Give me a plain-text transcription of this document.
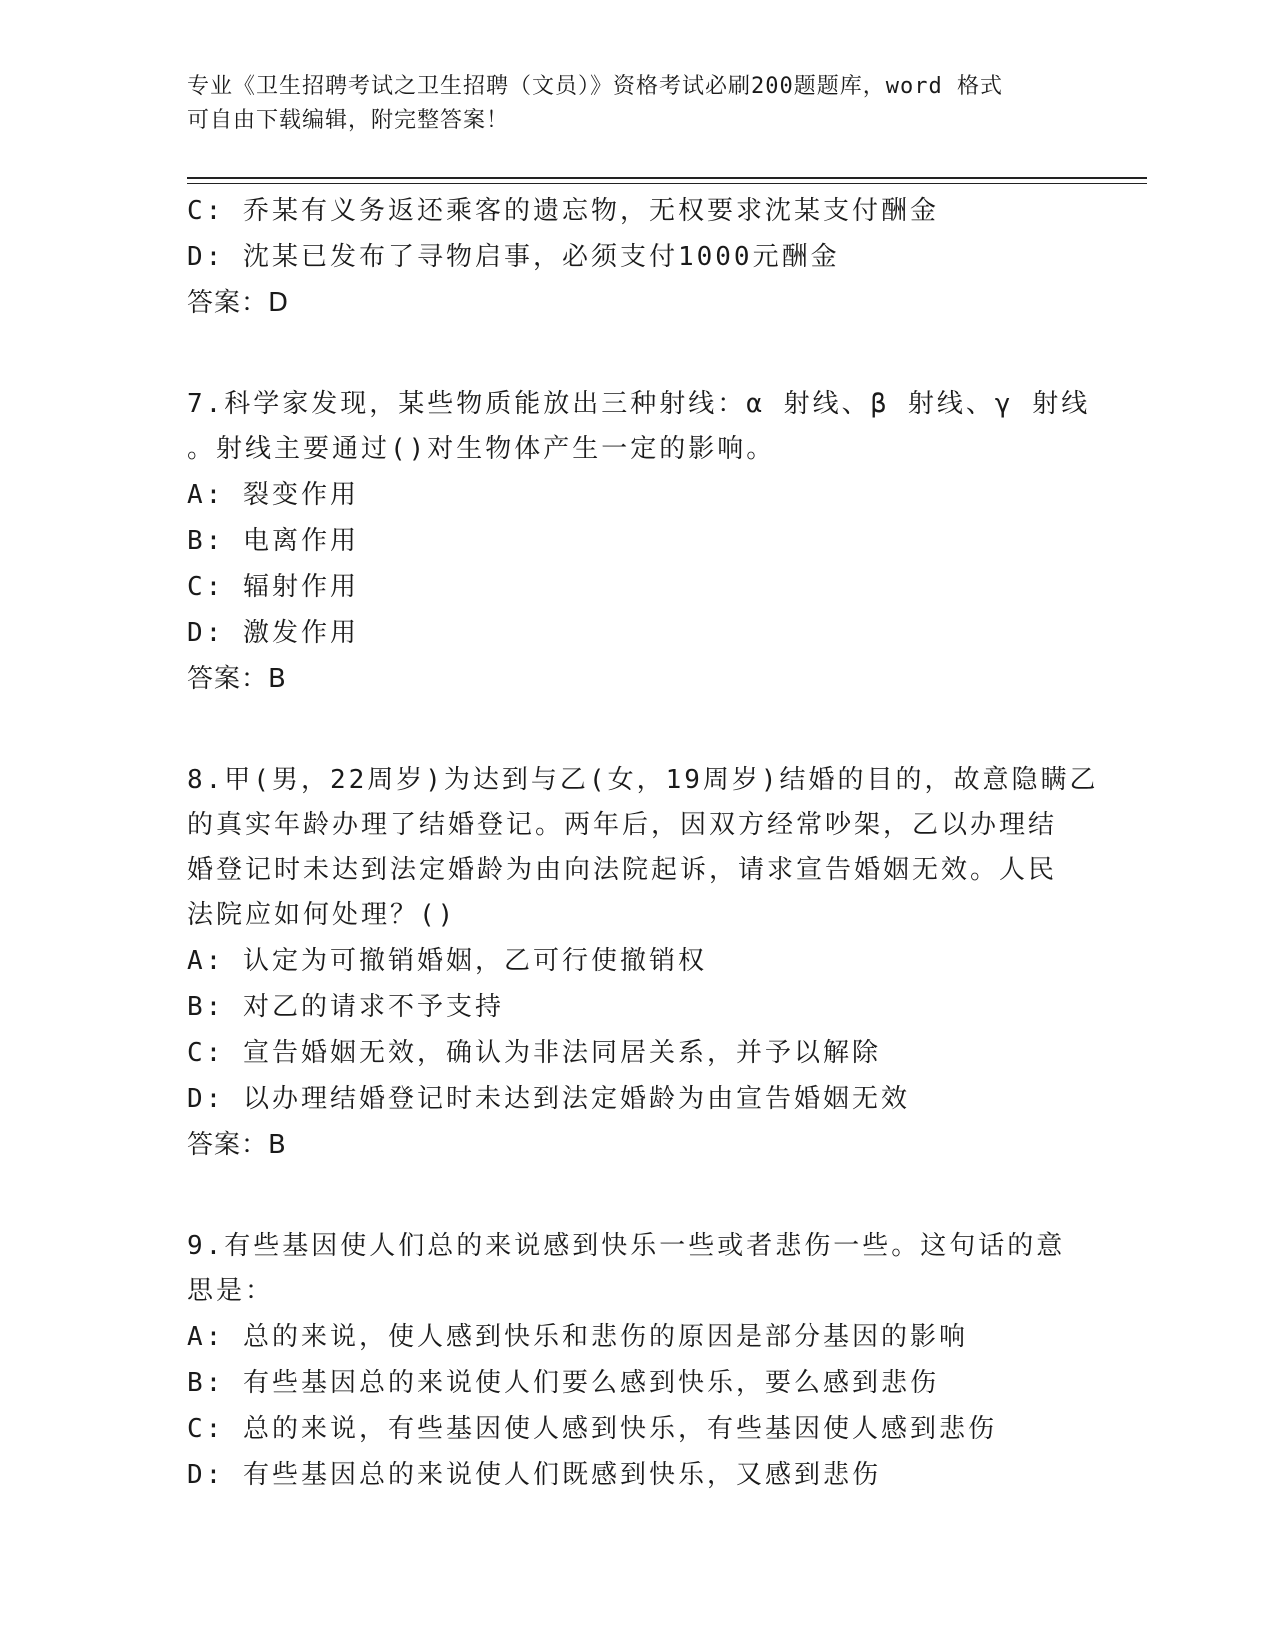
专业《卫生招聘考试之卫生招聘（文员）》资格考试必刷200题题库，word 格式
可自由下载编辑，附完整答案！
C: 乔某有义务返还乘客的遗忘物，无权要求沈某支付酬金
D: 沈某已发布了寻物启事，必须支付1000元酬金
答案：D
7.科学家发现，某些物质能放出三种射线：α 射线、β 射线、γ 射线
。射线主要通过()对生物体产生一定的影响。
A: 裂变作用
B: 电离作用
C: 辐射作用
D: 激发作用
答案：B
8.甲(男，22周岁)为达到与乙(女，19周岁)结婚的目的，故意隐瞒乙
的真实年龄办理了结婚登记。两年后，因双方经常吵架，乙以办理结
婚登记时未达到法定婚龄为由向法院起诉，请求宣告婚姻无效。人民
法院应如何处理？()
A: 认定为可撤销婚姻，乙可行使撤销权
B: 对乙的请求不予支持
C: 宣告婚姻无效，确认为非法同居关系，并予以解除
D: 以办理结婚登记时未达到法定婚龄为由宣告婚姻无效
答案：B
9.有些基因使人们总的来说感到快乐一些或者悲伤一些。这句话的意
思是：
A: 总的来说，使人感到快乐和悲伤的原因是部分基因的影响
B: 有些基因总的来说使人们要么感到快乐，要么感到悲伤
C: 总的来说，有些基因使人感到快乐，有些基因使人感到悲伤
D: 有些基因总的来说使人们既感到快乐，又感到悲伤
